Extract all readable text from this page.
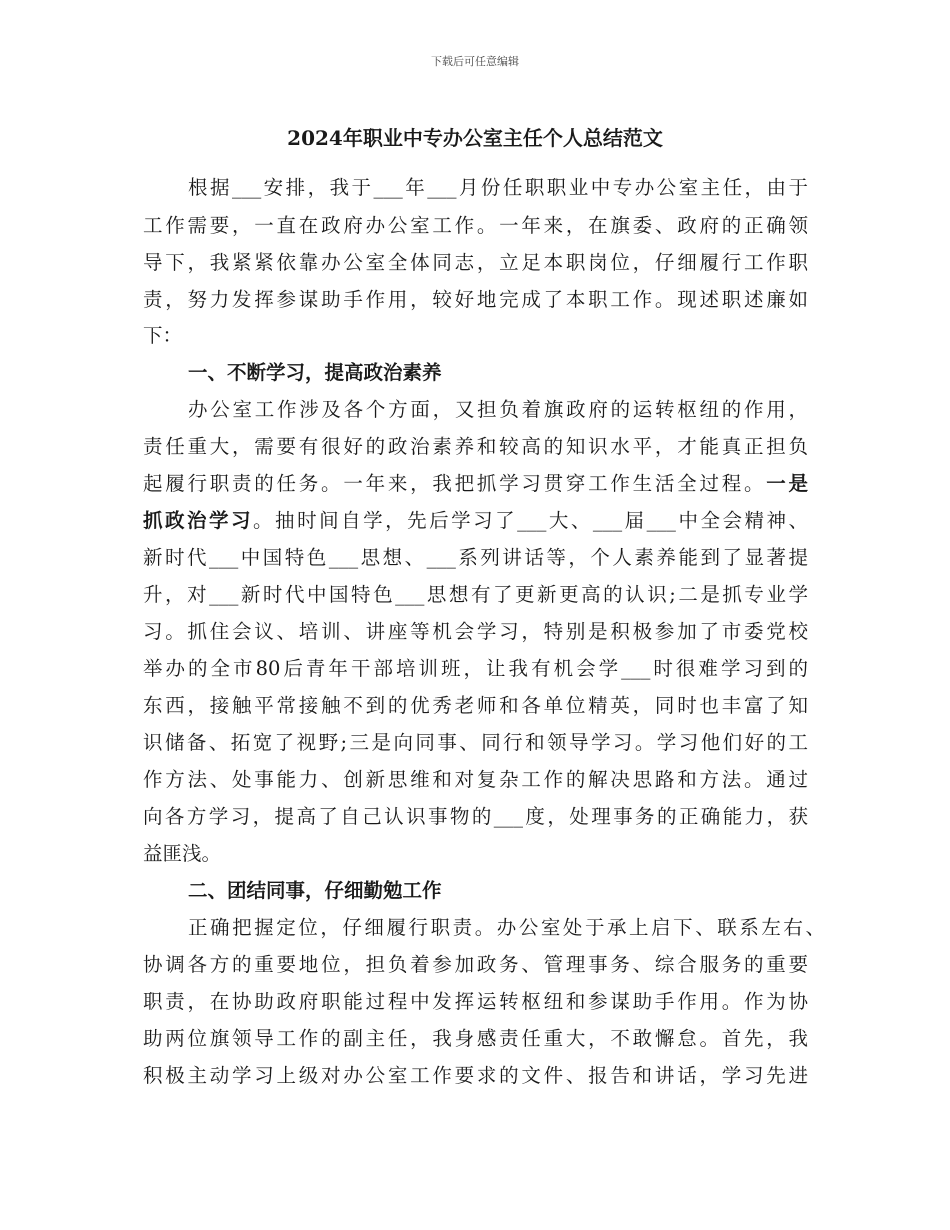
下载后可任意编辑
2024年职业中专办公室主任个人总结范文
根据___安排，我于___年___月份任职职业中专办公室主任，由于
工作需要，一直在政府办公室工作。一年来，在旗委、政府的正确领
导下，我紧紧依靠办公室全体同志，立足本职岗位，仔细履行工作职
责，努力发挥参谋助手作用，较好地完成了本职工作。现述职述廉如
下：
一、不断学习，提高政治素养
办公室工作涉及各个方面，又担负着旗政府的运转枢纽的作用，
责任重大，需要有很好的政治素养和较高的知识水平，才能真正担负
起履行职责的任务。一年来，我把抓学习贯穿工作生活全过程。一是
抓政治学习。抽时间自学，先后学习了___大、___届___中全会精神、
新时代___中国特色___思想、___系列讲话等，个人素养能到了显著提
升，对___新时代中国特色___思想有了更新更高的认识;二是抓专业学
习。抓住会议、培训、讲座等机会学习，特别是积极参加了市委党校
举办的全市80后青年干部培训班，让我有机会学___时很难学习到的
东西，接触平常接触不到的优秀老师和各单位精英，同时也丰富了知
识储备、拓宽了视野;三是向同事、同行和领导学习。学习他们好的工
作方法、处事能力、创新思维和对复杂工作的解决思路和方法。通过
向各方学习，提高了自己认识事物的___度，处理事务的正确能力，获
益匪浅。
二、团结同事，仔细勤勉工作
正确把握定位，仔细履行职责。办公室处于承上启下、联系左右、
协调各方的重要地位，担负着参加政务、管理事务、综合服务的重要
职责，在协助政府职能过程中发挥运转枢纽和参谋助手作用。作为协
助两位旗领导工作的副主任，我身感责任重大，不敢懈怠。首先，我
积极主动学习上级对办公室工作要求的文件、报告和讲话，学习先进
